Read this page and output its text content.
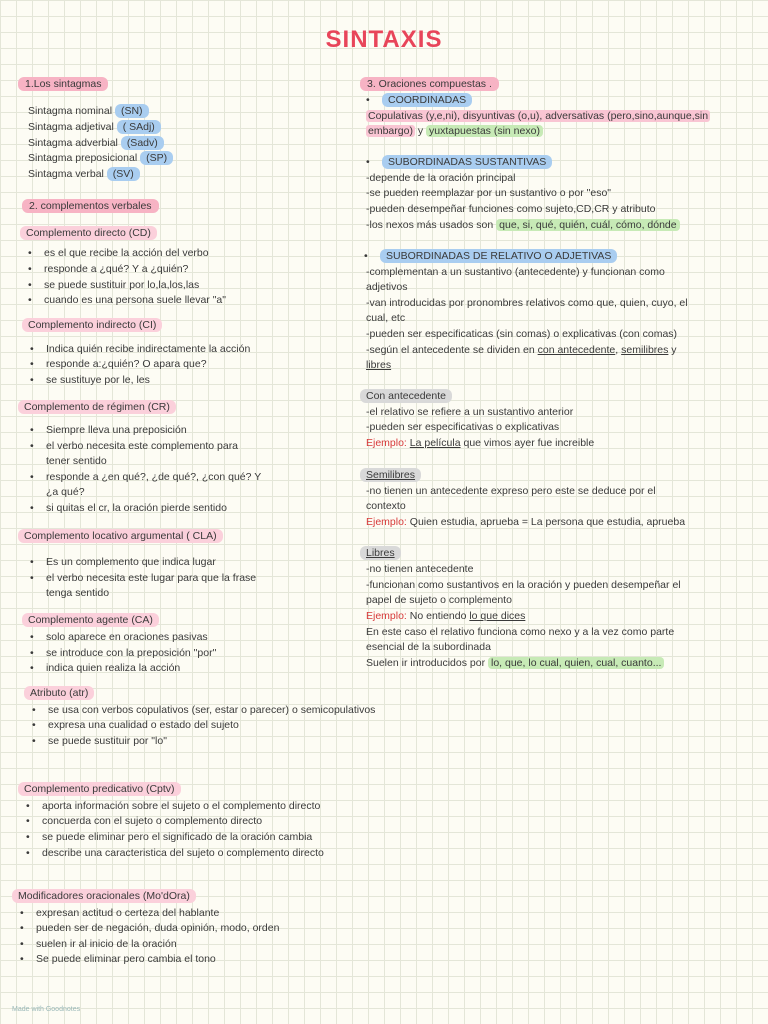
SINTAXIS
1.Los sintagmas
Sintagma nominal (SN)
Sintagma adjetival ( SAdj)
Sintagma adverbial (Sadv)
Sintagma preposicional (SP)
Sintagma verbal (SV)
2. complementos verbales
Complemento directo (CD)
• es el que recibe la acción del verbo
• responde a ¿qué? Y a ¿quién?
• se puede sustituir por lo,la,los,las
• cuando es una persona suele llevar "a"
Complemento indirecto (CI)
• Indica quién recibe indirectamente la acción
• responde a:¿quién? O apara que?
• se sustituye por le, les
Complemento de régimen (CR)
• Siempre lleva una preposición
• el verbo necesita este complemento para
tener sentido
• responde a ¿en qué?, ¿de qué?, ¿con qué? Y
¿a qué?
• si quitas el cr, la oración pierde sentido
Complemento locativo argumental ( CLA)
• Es un complemento que indica lugar
• el verbo necesita este lugar para que la frase
tenga sentido
Complemento agente (CA)
• solo aparece en oraciones pasivas
• se introduce con la preposición "por"
• indica quien realiza la acción
Atributo (atr)
• se usa con verbos copulativos (ser, estar o parecer) o semicopulativos
• expresa una cualidad o estado del sujeto
• se puede sustituir por "lo"
Complemento predicativo (Cptv)
• aporta información sobre el sujeto o el complemento directo
• concuerda con el sujeto o complemento directo
• se puede eliminar pero el significado de la oración cambia
• describe una caracteristica del sujeto o complemento directo
Modificadores oracionales (Mo'dOra)
• expresan actitud o certeza del hablante
• pueden ser de negación, duda opinión, modo, orden
• suelen ir al inicio de la oración
• Se puede eliminar pero cambia el tono
3. Oraciones compuestas .
• COORDINADAS
Copulativas (y,e,ni), disyuntivas (o,u), adversativas (pero,sino,aunque,sin
embargo) y yuxtapuestas (sin nexo)
• SUBORDINADAS SUSTANTIVAS
-depende de la oración principal
-se pueden reemplazar por un sustantivo o por "eso"
-pueden desempeñar funciones como sujeto,CD,CR y atributo
-los nexos más usados son que, si, qué, quién, cuál, cómo, dónde
• SUBORDINADAS DE RELATIVO O ADJETIVAS
-complementan a un sustantivo (antecedente) y funcionan como
adjetivos
-van introducidas por pronombres relativos como que, quien, cuyo, el
cual, etc
-pueden ser especificaticas (sin comas) o explicativas (con comas)
-según el antecedente se dividen en con antecedente, semilibres y
libres
Con antecedente
-el relativo se refiere a un sustantivo anterior
-pueden ser especificativas o explicativas
Ejemplo: La película que vimos ayer fue increible
Semilibres
-no tienen un antecedente expreso pero este se deduce por el
contexto
Ejemplo: Quien estudia, aprueba = La persona que estudia, aprueba
Libres
-no tienen antecedente
-funcionan como sustantivos en la oración y pueden desempeñar el
papel de sujeto o complemento
Ejemplo: No entiendo lo que dices
En este caso el relativo funciona como nexo y a la vez como parte
esencial de la subordinada
Suelen ir introducidos por lo, que, lo cual, quien, cual, cuanto...
Made with Goodnotes
